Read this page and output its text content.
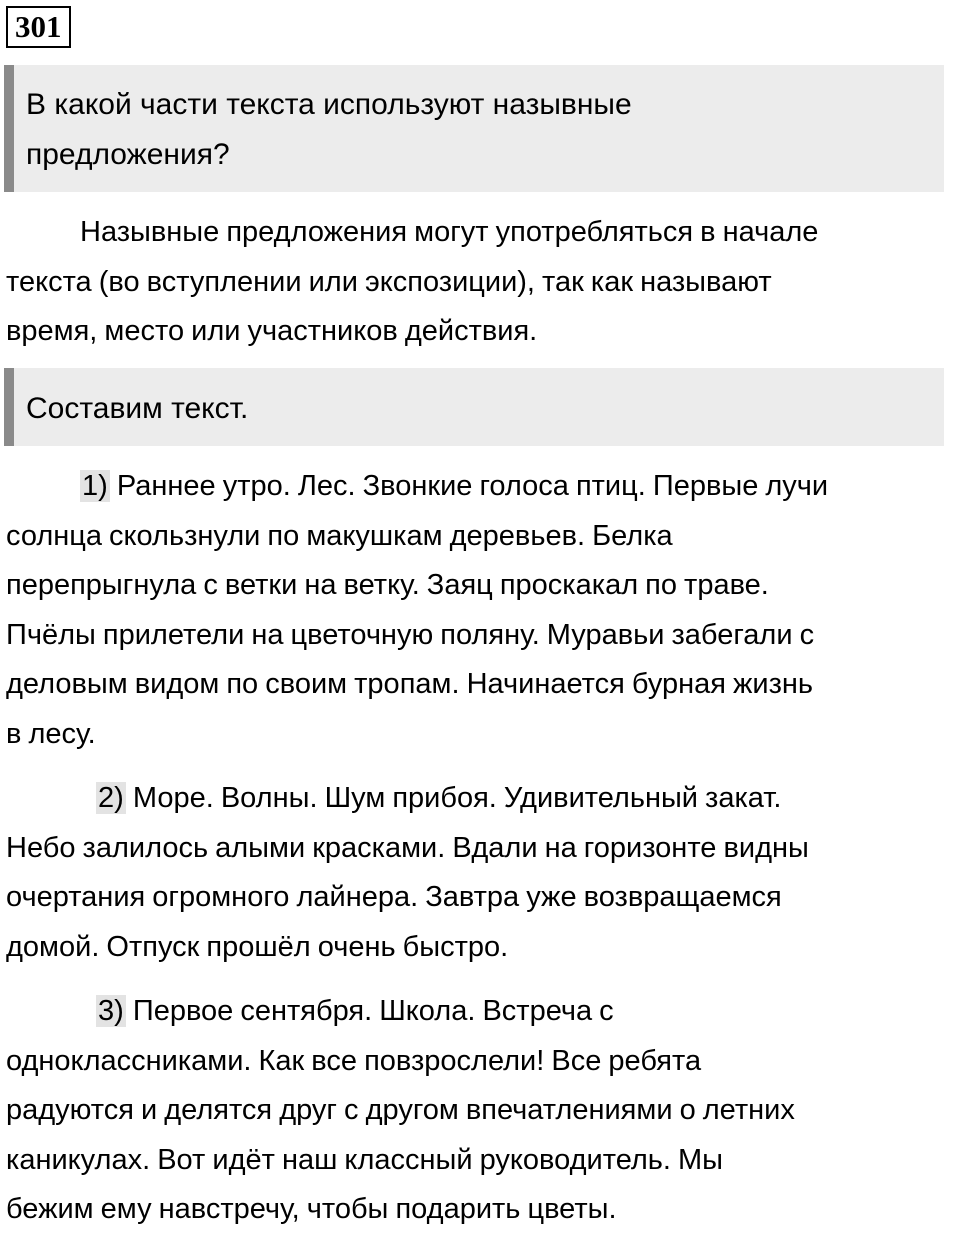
301
В какой части текста используют назывные
предложения?
Назывные предложения могут употребляться в начале
текста (во вступлении или экспозиции), так как называют
время, место или участников действия.
Составим текст.
1) Раннее утро. Лес. Звонкие голоса птиц. Первые лучи
солнца скользнули по макушкам деревьев. Белка
перепрыгнула с ветки на ветку. Заяц проскакал по траве.
Пчёлы прилетели на цветочную поляну. Муравьи забегали с
деловым видом по своим тропам. Начинается бурная жизнь
в лесу.
2) Море. Волны. Шум прибоя. Удивительный закат.
Небо залилось алыми красками. Вдали на горизонте видны
очертания огромного лайнера. Завтра уже возвращаемся
домой. Отпуск прошёл очень быстро.
3) Первое сентября. Школа. Встреча с
одноклассниками. Как все повзрослели! Все ребята
радуются и делятся друг с другом впечатлениями о летних
каникулах. Вот идёт наш классный руководитель. Мы
бежим ему навстречу, чтобы подарить цветы.
